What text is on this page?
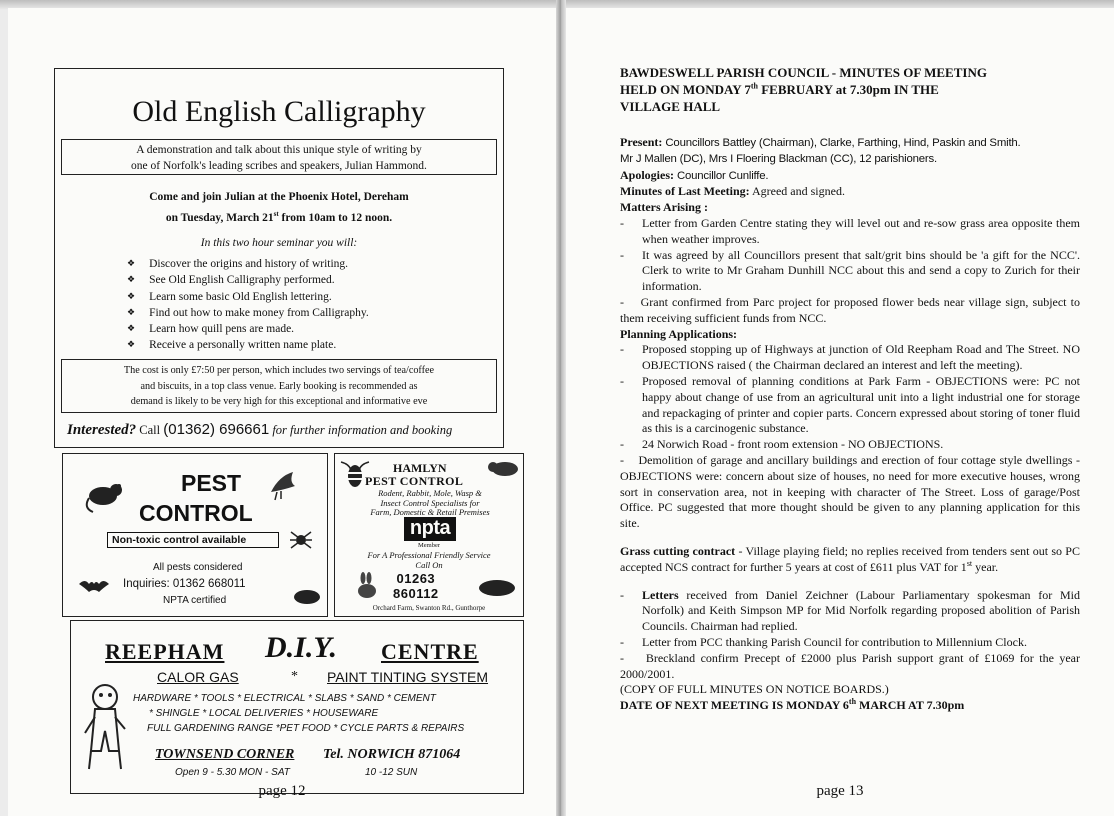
Old English Calligraphy
A demonstration and talk about this unique style of writing by
one of Norfolk's leading scribes and speakers, Julian Hammond.
Come and join Julian at the Phoenix Hotel, Dereham
on Tuesday, March 21st from 10am to 12 noon.
In this two hour seminar you will:
❖ Discover the origins and history of writing.
❖ See Old English Calligraphy performed.
❖ Learn some basic Old English lettering.
❖ Find out how to make money from Calligraphy.
❖ Learn how quill pens are made.
❖ Receive a personally written name plate.
The cost is only £7:50 per person, which includes two servings of tea/coffee
and biscuits, in a top class venue. Early booking is recommended as
demand is likely to be very high for this exceptional and informative eve
Interested? Call (01362) 696661 for further information and booking
PEST
CONTROL
Non-toxic control available
All pests considered
Inquiries: 01362 668011
NPTA certified
HAMLYN
PEST CONTROL
Rodent, Rabbit, Mole, Wasp &
Insect Control Specialists for
Farm, Domestic & Retail Premises
npta
Member
For A Professional Friendly Service
Call On
01263
860112
Orchard Farm, Swanton Rd., Gunthorpe
REEPHAM D.I.Y. CENTRE
CALOR GAS	* PAINT TINTING SYSTEM
HARDWARE * TOOLS * ELECTRICAL * SLABS * SAND * CEMENT
* SHINGLE * LOCAL DELIVERIES * HOUSEWARE
FULL GARDENING RANGE *PET FOOD * CYCLE PARTS & REPAIRS
TOWNSEND CORNER Tel. NORWICH 871064
Open 9 - 5.30 MON - SAT	10 -12 SUN
page 12
BAWDESWELL PARISH COUNCIL - MINUTES OF MEETING
HELD ON MONDAY 7th FEBRUARY at 7.30pm IN THE
VILLAGE HALL

Present: Councillors Battley (Chairman), Clarke, Farthing, Hind, Paskin and Smith.

Mr J Mallen (DC), Mrs I Floering Blackman (CC), 12 parishioners.

Apologies: Councillor Cunliffe.

Minutes of Last Meeting: Agreed and signed.

Matters Arising :

- Letter from Garden Centre stating they will level out and re-sow grass area opposite them when weather improves.
- It was agreed by all Councillors present that salt/grit bins should be 'a gift for the NCC'. Clerk to write to Mr Graham Dunhill NCC about this and send a copy to Zurich for their information.

-    Grant confirmed from Parc project for proposed flower beds near village sign, subject to them receiving sufficient funds from NCC.

Planning Applications:

- Proposed stopping up of Highways at junction of Old Reepham Road and The Street. NO OBJECTIONS raised ( the Chairman declared an interest and left the meeting).
- Proposed removal of planning conditions at Park Farm - OBJECTIONS were: PC not happy about change of use from an agricultural unit into a light industrial one for storage and repackaging of printer and copier parts. Concern expressed about storing of toner fluid as this is a carcinogenic substance.
- 24 Norwich Road - front room extension - NO OBJECTIONS.

-    Demolition of garage and ancillary buildings and erection of four cottage style dwellings -OBJECTIONS were: concern about size of houses, no need for more executive houses, wrong sort in conservation area, not in keeping with character of The Street. Loss of garage/Post Office. PC suggested that more thought should be given to any planning application for this site.

Grass cutting contract - Village playing field; no replies received from tenders sent out so PC accepted NCS contract for further 5 years at cost of £611 plus VAT for 1st year.

- Letters received from Daniel Zeichner (Labour Parliamentary spokesman for Mid Norfolk) and Keith Simpson MP for Mid Norfolk regarding proposed abolition of Parish Councils. Chairman had replied.
- Letter from PCC thanking Parish Council for contribution to Millennium Clock.

-    Breckland confirm Precept of £2000 plus Parish support grant of £1069 for the year 2000/2001.

(COPY OF FULL MINUTES ON NOTICE BOARDS.)

DATE OF NEXT MEETING IS MONDAY 6th MARCH AT 7.30pm

page 13
